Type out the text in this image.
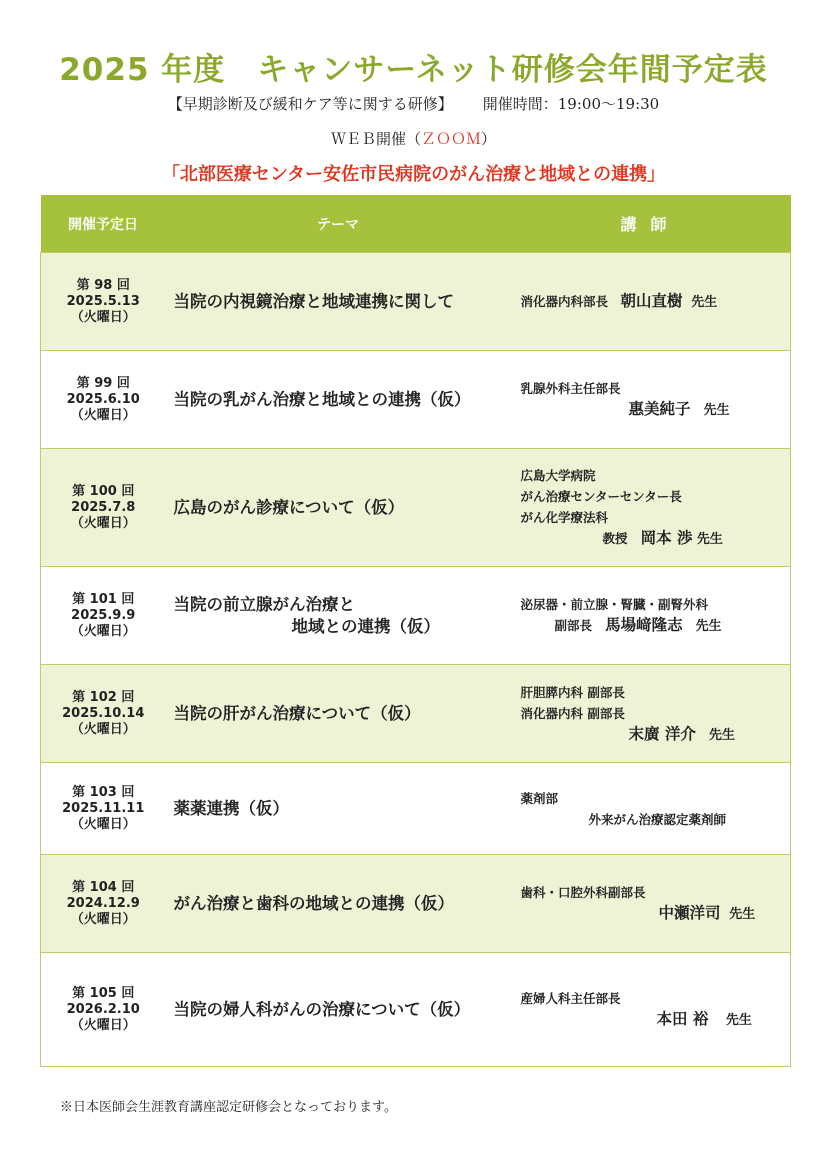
2025 年度　キャンサーネット研修会年間予定表
【早期診断及び緩和ケア等に関する研修】 開催時間：19:00～19:30
ＷＥＢ開催（ＺＯＯＭ）
「北部医療センター安佐市民病院のがん治療と地域との連携」
開催予定日	テーマ	講師

第 98 回
2025.5.13
（火曜日）	当院の内視鏡治療と地域連携に関して	消化器内科部長　朝山直樹 先生

第 99 回
2025.6.10
（火曜日）	当院の乳がん治療と地域との連携（仮）	乳腺外科主任部長
惠美純子 先生

第 100 回
2025.7.8
（火曜日）	広島のがん診療について（仮）	広島大学病院
がん治療センターセンター長
がん化学療法科
教授 岡本 渉 先生

第 101 回
2025.9.9
（火曜日）	当院の前立腺がん治療と
地域との連携（仮）	泌尿器・前立腺・腎臓・副腎外科
副部長 馬場﨑隆志 先生

第 102 回
2025.10.14
（火曜日）	当院の肝がん治療について（仮）	肝胆膵内科 副部長
消化器内科 副部長
末廣 洋介 先生

第 103 回
2025.11.11
（火曜日）	薬薬連携（仮）	薬剤部
外来がん治療認定薬剤師

第 104 回
2024.12.9
（火曜日）	がん治療と歯科の地域との連携（仮）	歯科・口腔外科副部長
中瀬洋司 先生

第 105 回
2026.2.10
（火曜日）	当院の婦人科がんの治療について（仮）	産婦人科主任部長
本田 裕 先生
※日本医師会生涯教育講座認定研修会となっております。
